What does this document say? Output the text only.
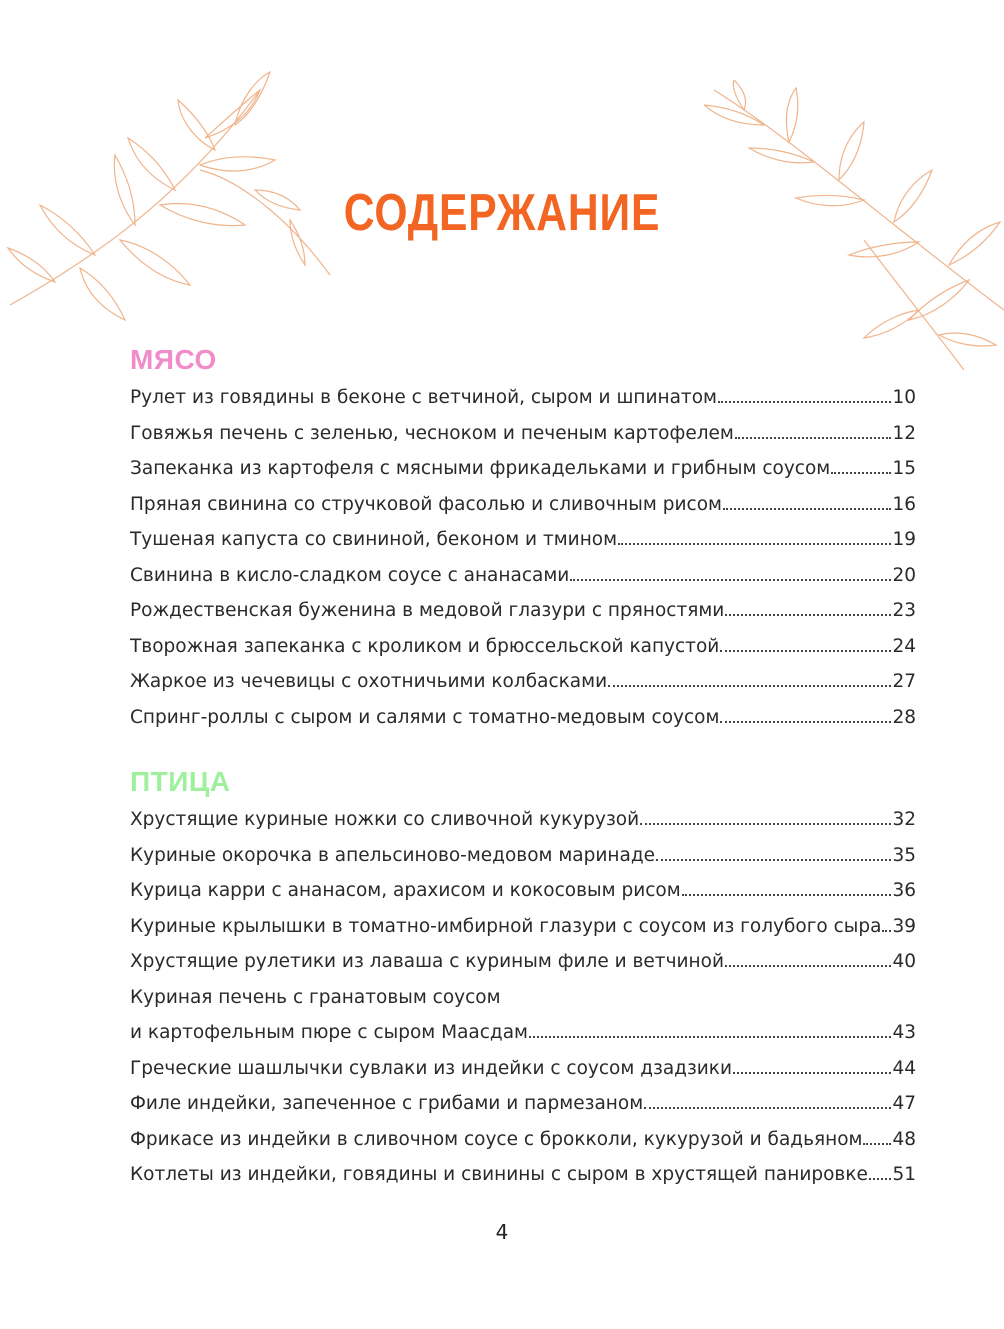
СОДЕРЖАНИЕ
МЯСО
Рулет из говядины в беконе с ветчиной, сыром и шпинатом	10
Говяжья печень с зеленью, чесноком и печеным картофелем	12
Запеканка из картофеля с мясными фрикадельками и грибным соусом	15
Пряная свинина со стручковой фасолью и сливочным рисом	16
Тушеная капуста со свининой, беконом и тмином	19
Свинина в кисло-сладком соусе с ананасами	20
Рождественская буженина в медовой глазури с пряностями	23
Творожная запеканка с кроликом и брюссельской капустой	24
Жаркое из чечевицы с охотничьими колбасками	27
Спринг-роллы с сыром и салями с томатно-медовым соусом	28
ПТИЦА
Хрустящие куриные ножки со сливочной кукурузой	32
Куриные окорочка в апельсиново-медовом маринаде	35
Курица карри с ананасом, арахисом и кокосовым рисом	36
Куриные крылышки в томатно-имбирной глазури с соусом из голубого сыра 39
Хрустящие рулетики из лаваша с куриным филе и ветчиной	40
Куриная печень с гранатовым соусом
и картофельным пюре с сыром Маасдам	43
Греческие шашлычки сувлаки из индейки с соусом дзадзики	44
Филе индейки, запеченное с грибами и пармезаном	47
Фрикасе из индейки в сливочном соусе с брокколи, кукурузой и бадьяном 48
Котлеты из индейки, говядины и свинины с сыром в хрустящей панировке 51
4
